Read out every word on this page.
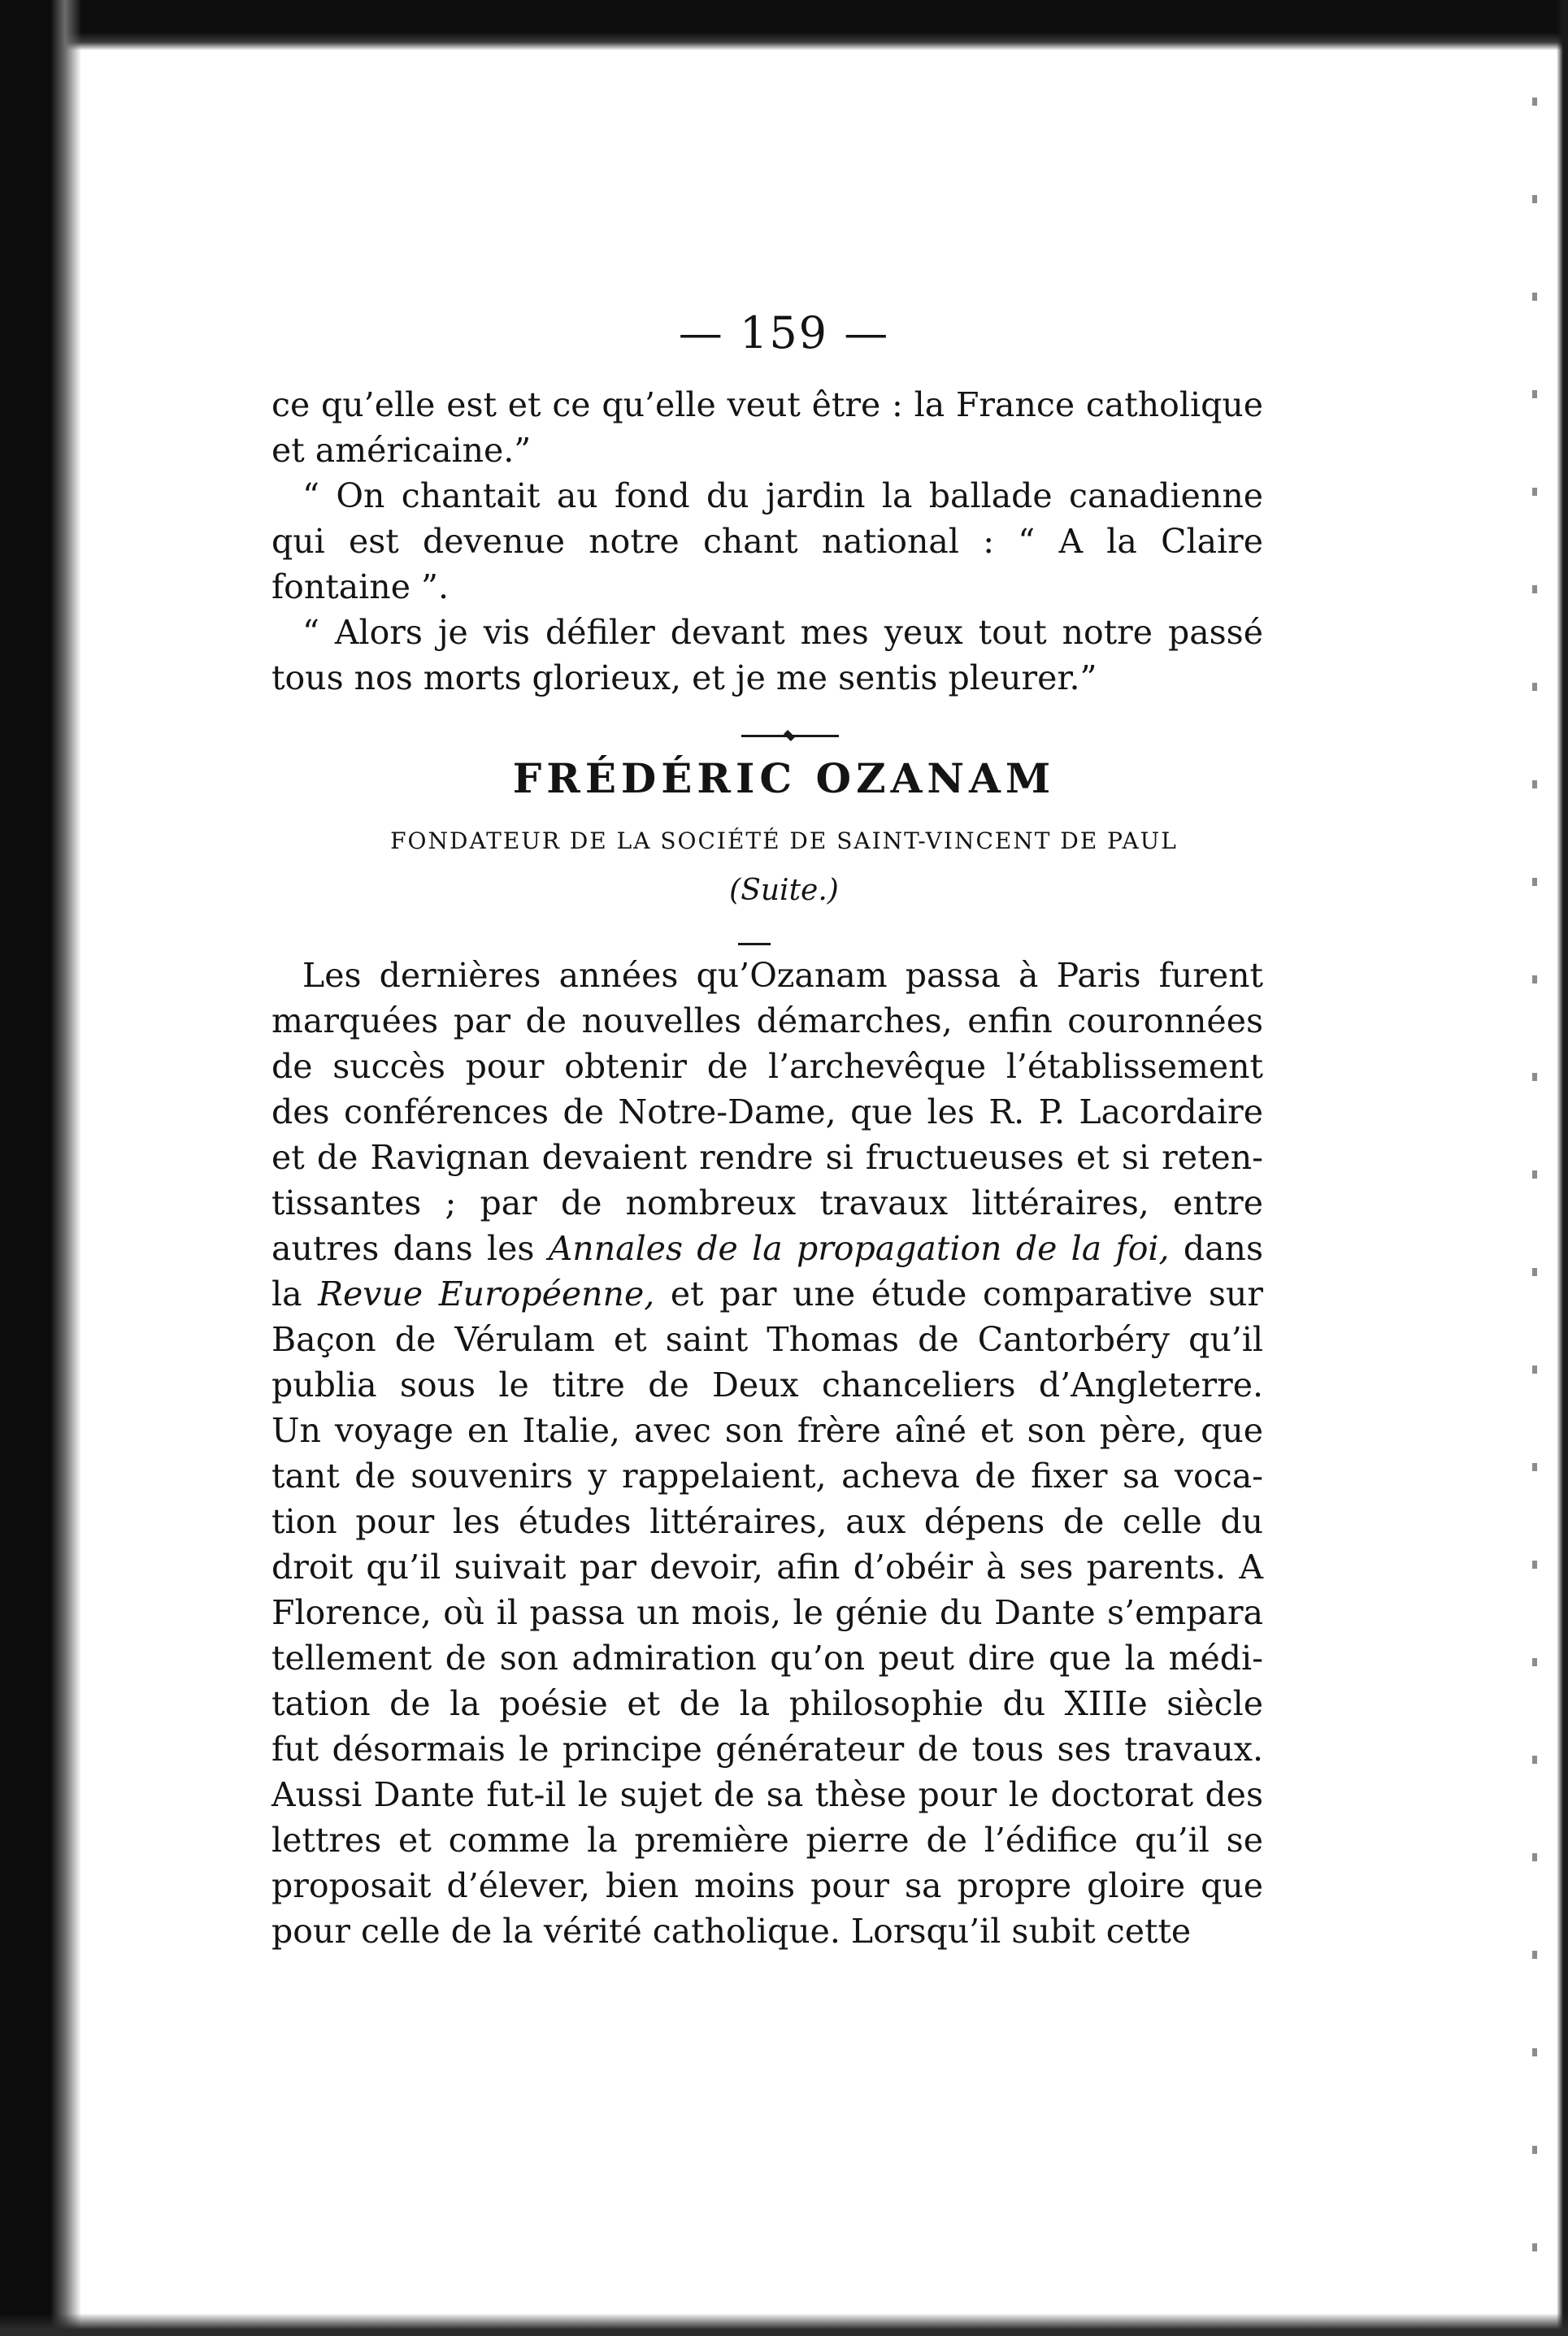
— 159 —

ce qu’elle est et ce qu’elle veut être : la France catholique et américaine.”

“ On chantait au fond du jardin la ballade canadienne qui est devenue notre chant national : “ A la Claire fontaine ”.

“ Alors je vis défiler devant mes yeux tout notre passé tous nos morts glorieux, et je me sentis pleurer.”

FRÉDÉRIC OZANAM
FONDATEUR DE LA SOCIÉTÉ DE SAINT-VINCENT DE PAUL
(Suite.)
Les dernières années qu’Ozanam passa à Paris furent
marquées par de nouvelles démarches, enfin couronnées
de succès pour obtenir de l’archevêque l’établissement
des conférences de Notre-Dame, que les R. P. Lacordaire
et de Ravignan devaient rendre si fructueuses et si reten-
tissantes ; par de nombreux travaux littéraires, entre
autres dans les Annales de la propagation de la foi, dans
la Revue Européenne, et par une étude comparative sur
Baçon de Vérulam et saint Thomas de Cantorbéry qu’il
publia sous le titre de Deux chanceliers d’Angleterre.
Un voyage en Italie, avec son frère aîné et son père, que
tant de souvenirs y rappelaient, acheva de fixer sa voca-
tion pour les études littéraires, aux dépens de celle du
droit qu’il suivait par devoir, afin d’obéir à ses parents. A
Florence, où il passa un mois, le génie du Dante s’empara
tellement de son admiration qu’on peut dire que la médi-
tation de la poésie et de la philosophie du XIIIe siècle
fut désormais le principe générateur de tous ses travaux.
Aussi Dante fut-il le sujet de sa thèse pour le doctorat des
lettres et comme la première pierre de l’édifice qu’il se
proposait d’élever, bien moins pour sa propre gloire que
pour celle de la vérité catholique. Lorsqu’il subit cette
